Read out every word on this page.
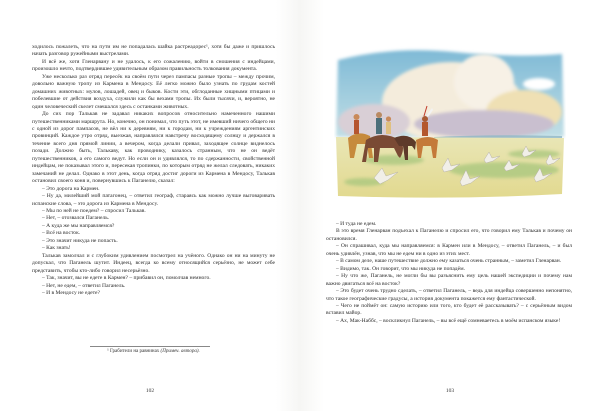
ходилось пожалеть, что на пути им не попадалась шайка растреадорес¹, хотя бы даже и пришлось начать разговор ружейными выстрелами.

И всё же, хотя Гленарвану и не удалось, к его сожалению, войти в сношения с индейцами, произошло нечто, подтвердившее удивительным образом правильность толкования документа.

Уже несколько раз отряд пересёк на своём пути через пампасы разные тропы – между прочим, довольно важную тропу из Кармена в Мендосу. Её легко можно было узнать по грудам костей домашних животных: мулов, лошадей, овец и быков. Кости эти, обглоданные хищными птицами и побелевшие от действия воздуха, служили как бы вехами тропы. Их были тысячи, и, вероятно, не один человеческий скелет смешался здесь с останками животных.

До сих пор Талькав не задавал никаких вопросов относительно намеченного нашими путешественниками маршрута. Но, конечно, он понимал, что путь этот, не имевший ничего общего ни с одной из дорог пампасов, не вёл ни к деревням, ни к городам, ни к учреждениям аргентинских провинций. Каждое утро отряд, выезжая, направлялся навстречу восходящему солнцу и держался в течение всего дня прямой линии, а вечером, когда делали привал, заходящее солнце виднелось позади. Должно быть, Талькаву, как проводнику, казалось странным, что не он ведёт путешественников, а его самого ведут. Но если он и удивлялся, то по сдержанности, свойственной индейцам, не показывал этого и, пересекая тропинки, по которым отряд не желал следовать, никаких замечаний не делал. Однако в этот день, когда отряд достиг дороги из Кармена в Мендосу, Талькав остановил своего коня и, повернувшись к Паганелю, сказал:

– Это дорога на Кармен.

– Ну да, милейший мой патагонец, – ответил географ, стараясь как можно лучше выговаривать испанские слова, – это дорога из Кармена в Мендосу.

– Мы по ней не поедем? – спросил Талькав.

– Нет, – отозвался Паганель.

– А куда же мы направляемся?

– Всё на восток.

– Это значит никуда не попасть.

– Как знать!

Талькав замолчал и с глубоким удивлением посмотрел на учёного. Однако он ни на минуту не допускал, что Паганель шутит. Индеец, всегда ко всему относящийся серьёзно, не может себе представить, чтобы кто-либо говорил несерьёзно.

– Так, значит, вы не едете в Кармен? – прибавил он, помолчав немного.

– Нет, не едем, – ответил Паганель.

– И в Мендосу не едете?

¹ Грабители на равнинах (Примеч. автора).
102

– И туда не едем.

В это время Гленарван подъехал к Паганелю и спросил его, что говорил ему Талькав и почему он остановился.

– Он спрашивал, куда мы направляемся: в Кармен или в Мендосу, – ответил Паганель, – и был очень удивлён, узнав, что мы не едем ни в одно из этих мест.

– В самом деле, наше путешествие должно ему казаться очень странным, – заметил Гленарван.

– Видимо, так. Он говорит, что мы никуда не попадём.

– Ну что же, Паганель, не могли бы вы разъяснить ему цель нашей экспедиции и почему нам важно двигаться всё на восток?

– Это будет очень трудно сделать, – ответил Паганель, – ведь для индейца совершенно непонятно, что такое географические градусы, а история документа покажется ему фантастической.

– Чего не поймёт он: самую историю или того, кто будет её рассказывать? – с серьёзным видом вставил майор.

– Ах, Мак-Наббс, – воскликнул Паганель, – вы всё ещё сомневаетесь в моём испанском языке!

103
